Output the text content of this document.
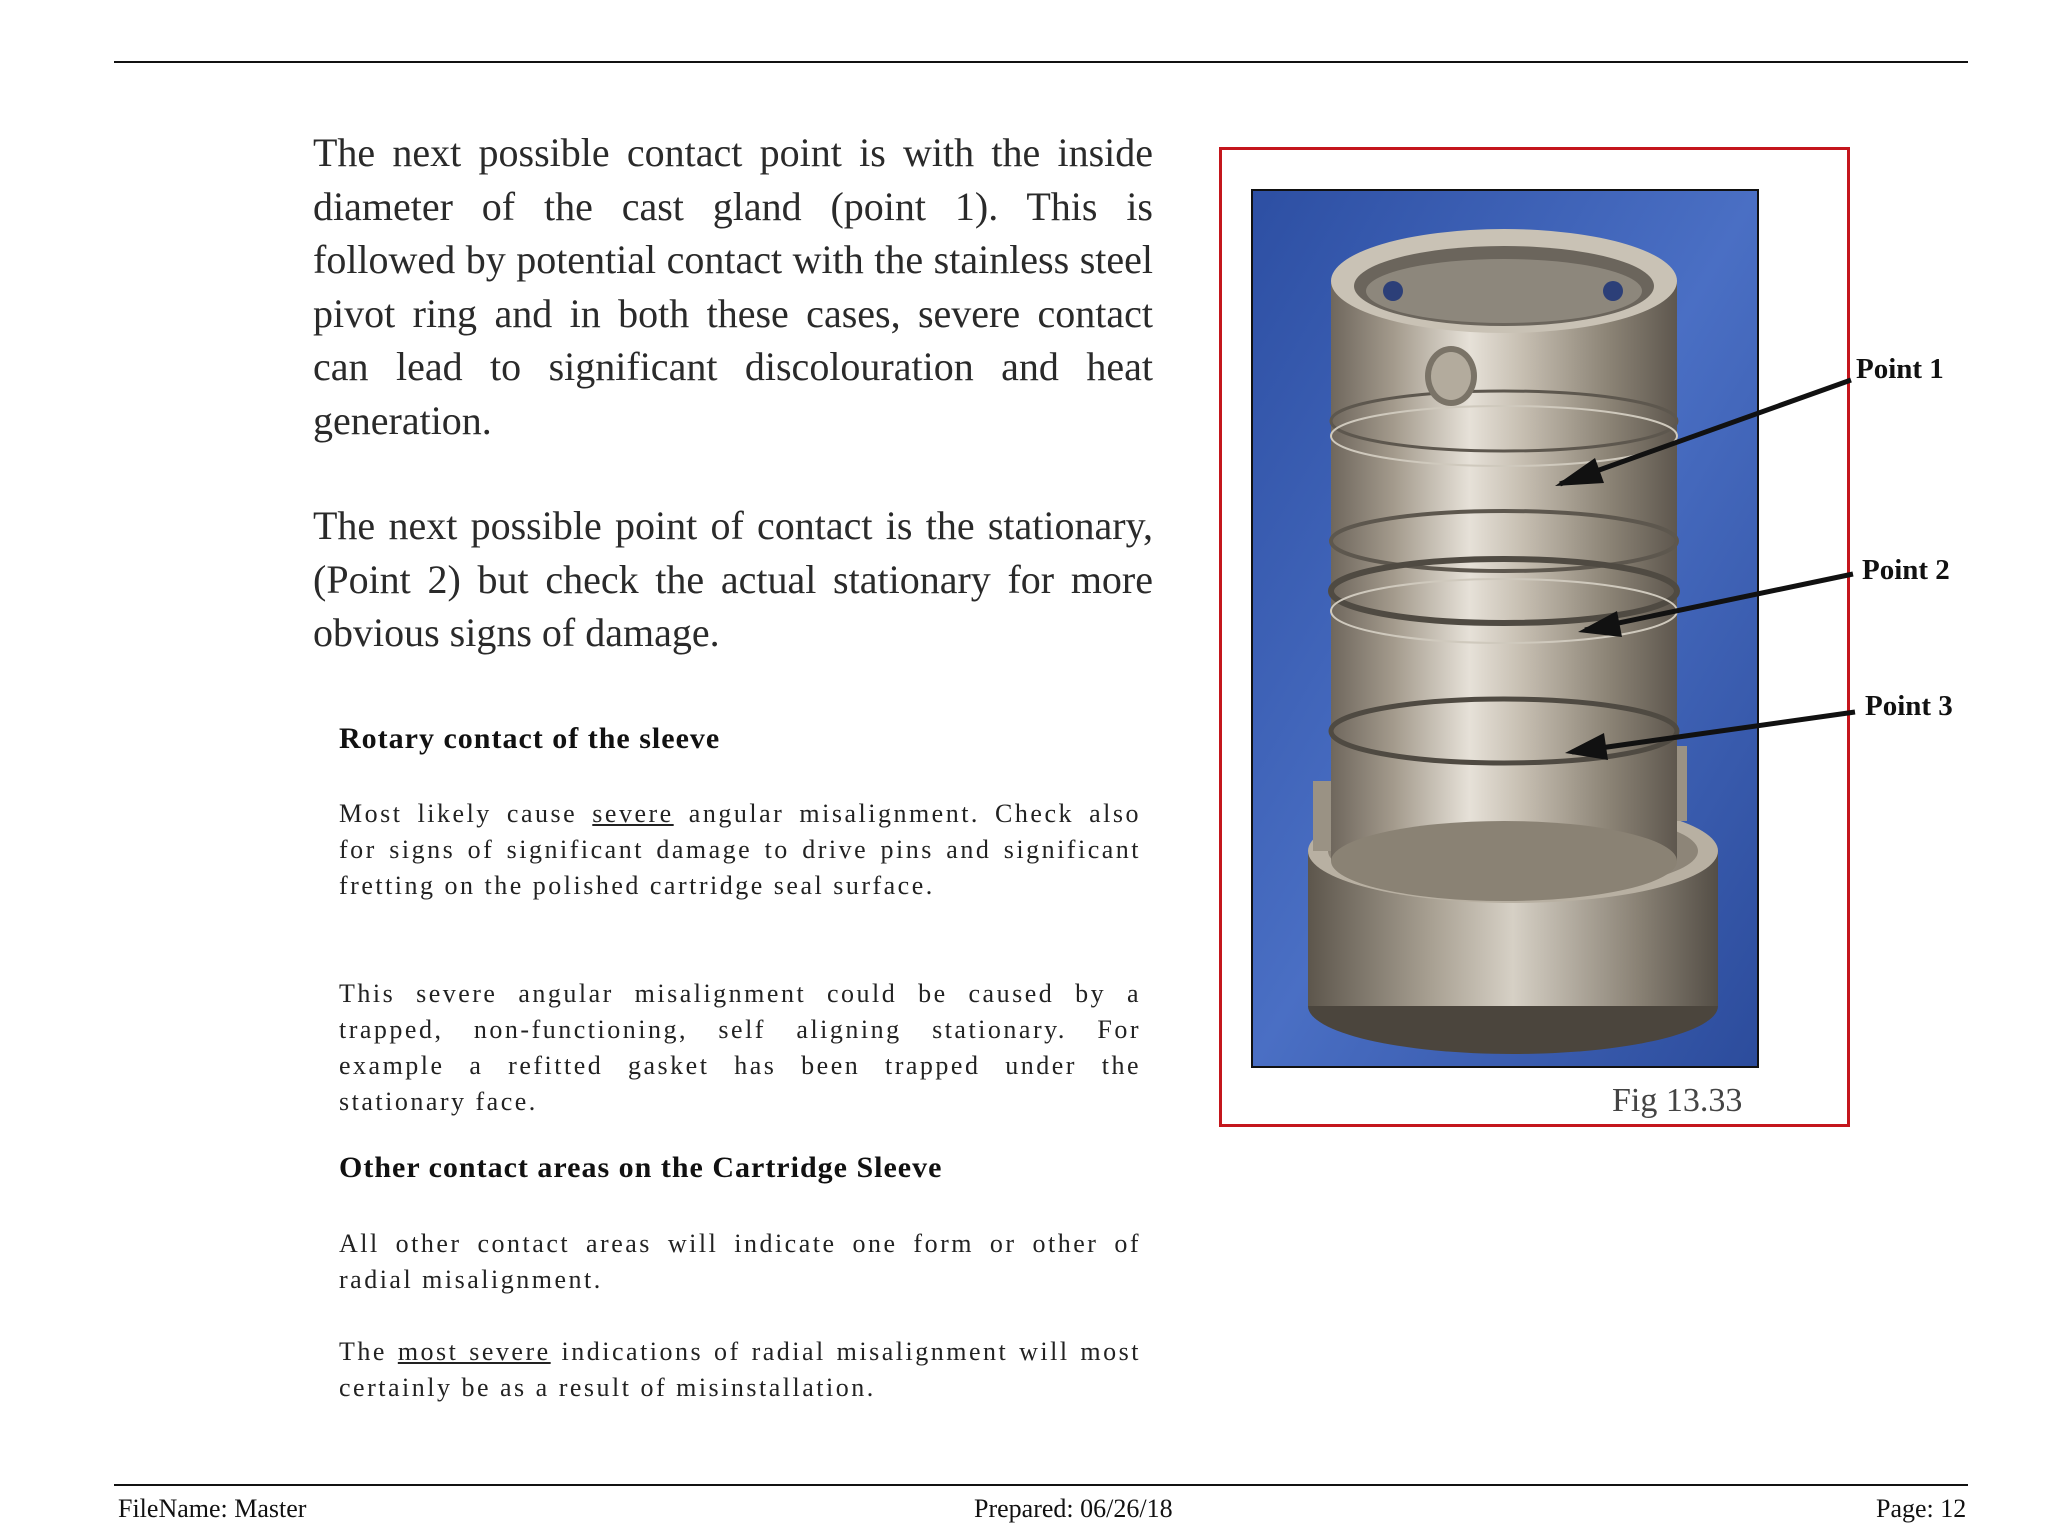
The next possible contact point is with the inside diameter of the cast gland (point 1). This is followed by potential contact with the stainless steel pivot ring and in both these cases, severe contact can lead to significant discolouration and heat generation.
The next possible point of contact is the stationary, (Point 2) but check the actual stationary for more obvious signs of damage.
Rotary contact of the sleeve
Most likely cause severe angular misalignment. Check also for signs of significant damage to drive pins and significant fretting on the polished cartridge seal surface.
This severe angular misalignment could be caused by a trapped, non-functioning, self aligning stationary. For example a refitted gasket has been trapped under the stationary face.
Other contact areas on the Cartridge Sleeve
All other contact areas will indicate one form or other of radial misalignment.
The most severe indications of radial misalignment will most certainly be as a result of misinstallation.
Point 1
Point 2
Point 3
Fig 13.33
FileName: Master	Prepared: 06/26/18	Page: 12
